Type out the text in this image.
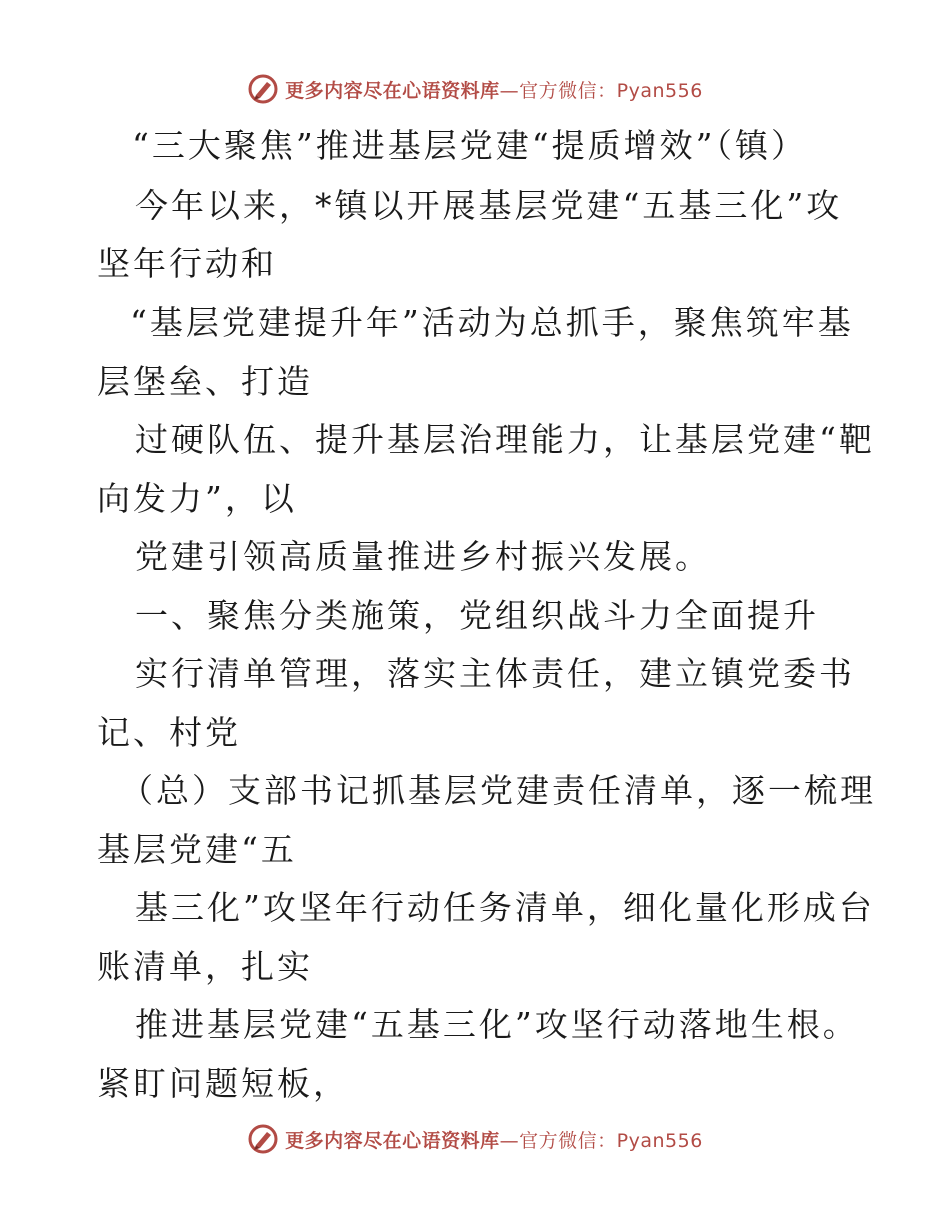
更多内容尽在心语资料库—官方微信：Pyan556
“三大聚焦”推进基层党建“提质增效”（镇）
今年以来，*镇以开展基层党建“五基三化”攻
坚年行动和
“基层党建提升年”活动为总抓手，聚焦筑牢基
层堡垒、打造
过硬队伍、提升基层治理能力，让基层党建“靶
向发力”，以
党建引领高质量推进乡村振兴发展。
一、聚焦分类施策，党组织战斗力全面提升
实行清单管理，落实主体责任，建立镇党委书
记、村党
（总）支部书记抓基层党建责任清单，逐一梳理
基层党建“五
基三化”攻坚年行动任务清单，细化量化形成台
账清单，扎实
推进基层党建“五基三化”攻坚行动落地生根。
紧盯问题短板，
更多内容尽在心语资料库—官方微信：Pyan556
